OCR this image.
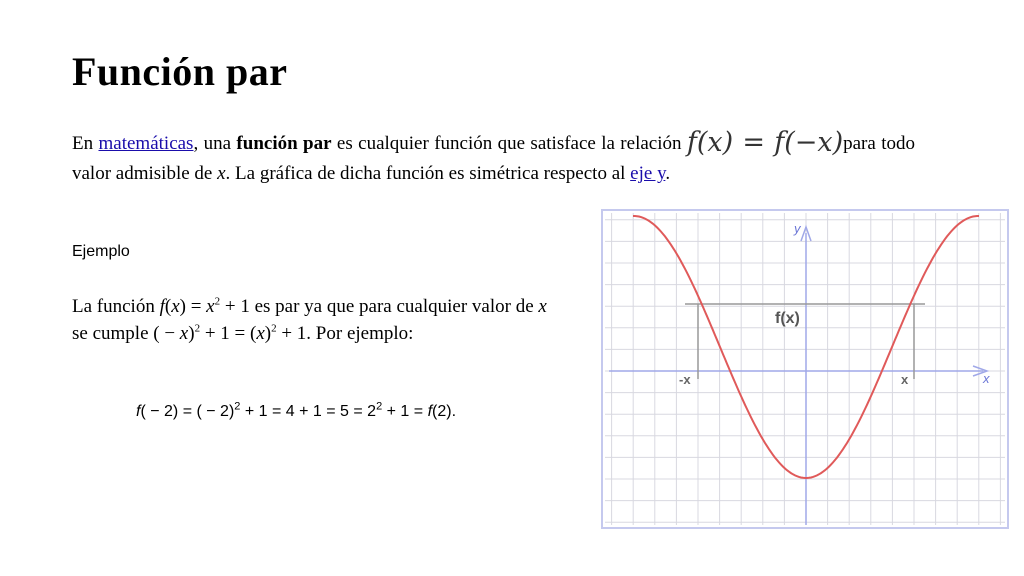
Función par
En matemáticas, una función par es cualquier función que satisface la relación f(x) = f(−x)para todo valor admisible de x. La gráfica de dicha función es simétrica respecto al eje y.
Ejemplo
La función $f(x) = x^2 + 1$ es par ya que para cualquier valor de x se cumple ( − $x)^2 + 1 = (x)^2 + 1$. Por ejemplo:
f( − 2) = ( − $2)^2 + 1 = 4 + 1 = 5 = 2^2 + 1 = f(2)$.
y
x
f(x)
-x	x
